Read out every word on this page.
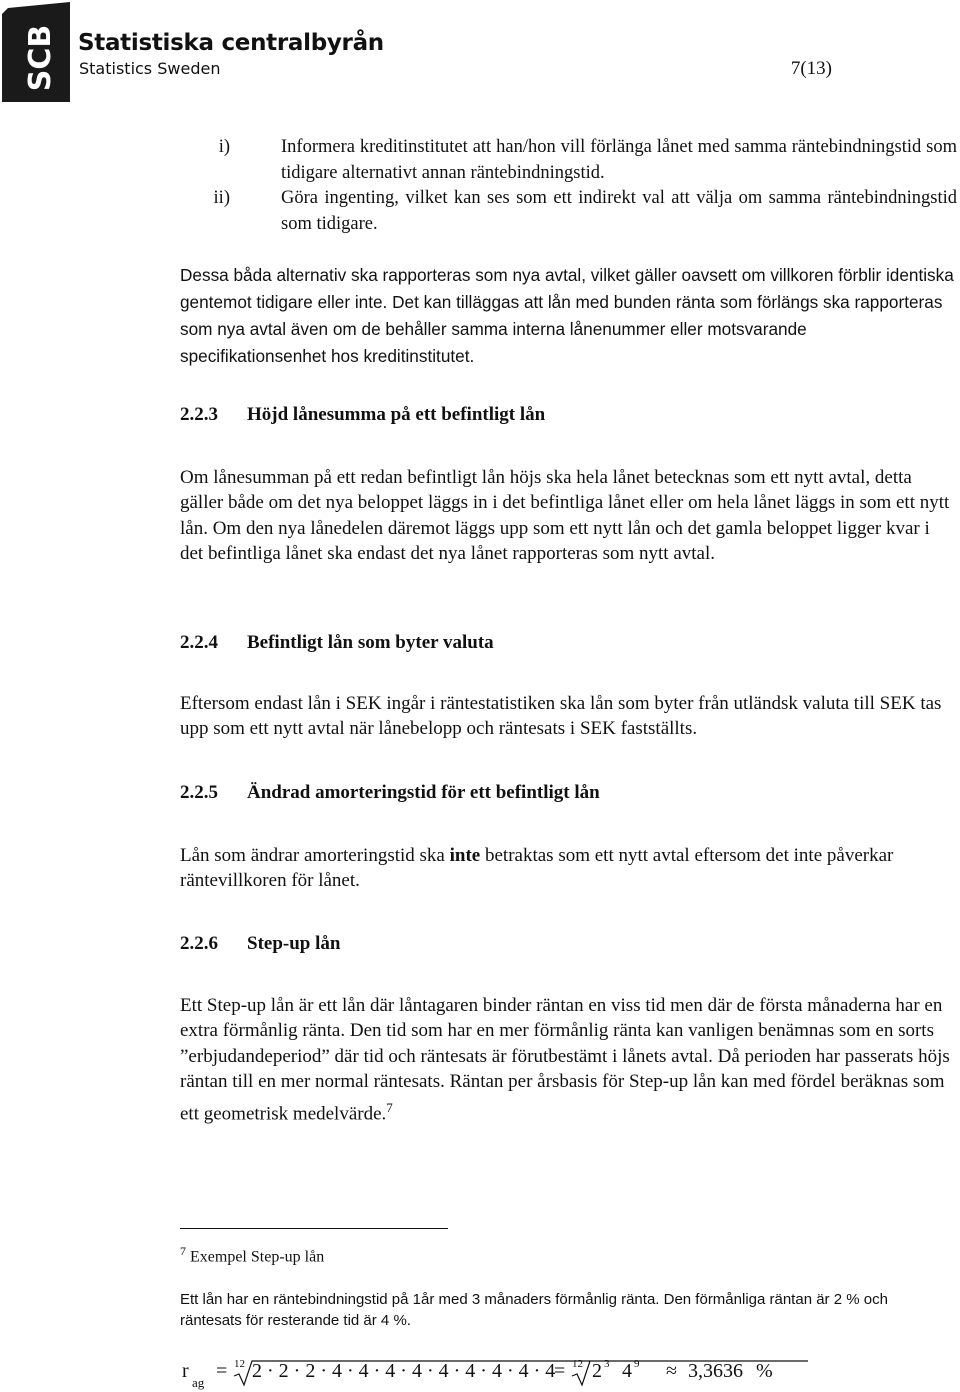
SCB Statistiska centralbyrån
Statistics Sweden	7(13)
i)	Informera kreditinstitutet att han/hon vill förlänga lånet med samma räntebindningstid som tidigare alternativt annan räntebindningstid.
ii)	Göra ingenting, vilket kan ses som ett indirekt val att välja om samma räntebindningstid som tidigare.
Dessa båda alternativ ska rapporteras som nya avtal, vilket gäller oavsett om villkoren förblir identiska gentemot tidigare eller inte. Det kan tilläggas att lån med bunden ränta som förlängs ska rapporteras som nya avtal även om de behåller samma interna lånenummer eller motsvarande specifikationsenhet hos kreditinstitutet.
2.2.3 Höjd lånesumma på ett befintligt lån
Om lånesumman på ett redan befintligt lån höjs ska hela lånet betecknas som ett nytt avtal, detta gäller både om det nya beloppet läggs in i det befintliga lånet eller om hela lånet läggs in som ett nytt lån. Om den nya lånedelen däremot läggs upp som ett nytt lån och det gamla beloppet ligger kvar i det befintliga lånet ska endast det nya lånet rapporteras som nytt avtal.
2.2.4 Befintligt lån som byter valuta
Eftersom endast lån i SEK ingår i räntestatistiken ska lån som byter från utländsk valuta till SEK tas upp som ett nytt avtal när lånebelopp och räntesats i SEK fastställts.
2.2.5 Ändrad amorteringstid för ett befintligt lån
Lån som ändrar amorteringstid ska inte betraktas som ett nytt avtal eftersom det inte påverkar räntevillkoren för lånet.
2.2.6 Step-up lån
Ett Step-up lån är ett lån där låntagaren binder räntan en viss tid men där de första månaderna har en extra förmånlig ränta. Den tid som har en mer förmånlig ränta kan vanligen benämnas som en sorts ”erbjudandeperiod” där tid och räntesats är förutbestämt i lånets avtal. Då perioden har passerats höjs räntan till en mer normal räntesats. Räntan per årsbasis för Step-up lån kan med fördel beräknas som ett geometrisk medelvärde.$^7$
$^7$ Exempel Step-up lån
Ett lån har en räntebindningstid på 1år med 3 månaders förmånlig ränta. Den förmånliga räntan är 2 % och räntesats för resterande tid är 4 %.
r
ag
= 12 2 · 2 · 2 · 4 · 4 · 4 · 4 · 4 · 4 · 4 · 4 · 4
= 12 2 3 4 9 ≈ 3,3636 %
